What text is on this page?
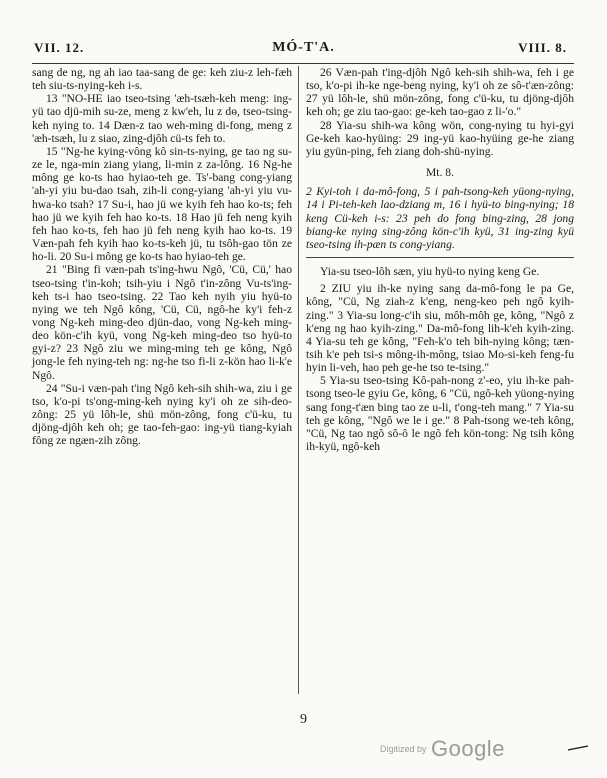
VII. 12.	MÓ-T'A.	VIII. 8.

sang de ng, ng ah iao taa-sang de ge: keh ziu-z leh-fæh teh siu-ts-nying-keh i-s.

13 "NO-HE iao tseo-tsing 'æh-tsæh-keh meng: ing-yü tao djü-mih su-ze, meng z kw'eh, lu z dө, tseo-tsing-keh nying to. 14 Dæn-z tao weh-ming di-fong, meng z 'æh-tsæh, lu z siao, zing-djôh cü-ts feh to.

15 "Ng-he kying-vông kô sin-ts-nying, ge tao ng su-ze le, nga-min ziang yiang, li-min z za-lông. 16 Ng-he mông ge ko-ts hao hyiao-teh ge. Ts'-bang cong-yiang 'ah-yi yiu bu-dao tsah, zih-li cong-yiang 'ah-yi yiu vu-hwa-ko tsah? 17 Su-i, hao jü we kyih feh hao ko-ts; feh hao jü we kyih feh hao ko-ts. 18 Hao jü feh neng kyih feh hao ko-ts, feh hao jü feh neng kyih hao ko-ts. 19 Væn-pah feh kyih hao ko-ts-keh jü, tu tsôh-gao tön ze ho-li. 20 Su-i mông ge ko-ts hao hyiao-teh ge.

21 "Bing fi væn-pah ts'ing-hwu Ngô, 'Cü, Cü,' hao tseo-tsing t'in-koh; tsih-yiu i Ngô t'in-zông Vu-ts'ing-keh ts-i hao tseo-tsing. 22 Tao keh nyih yiu hyü-to nying we teh Ngô kông, 'Cü, Cü, ngô-he ky'i feh-z vong Ng-keh ming-deo djün-dao, vong Ng-keh ming-deo kön-c'ih kyü, vong Ng-keh ming-deo tso hyü-to gyi-z? 23 Ngô ziu we ming-ming teh ge kông, Ngô jong-le feh nying-teh ng: ng-he tso fi-li z-kön hao li-k'e Ngô.

24 "Su-i væn-pah t'ing Ngô keh-sih shih-wa, ziu i ge tso, k'o-pi ts'ong-ming-keh nying ky'i oh ze sih-deo-zông: 25 yü lôh-le, shü mön-zông, fong c'ü-ku, tu djöng-djôh keh oh; ge tao-feh-gao: ing-yü tiang-kyiah fông ze ngæn-zih zông.

26 Væn-pah t'ing-djôh Ngô keh-sih shih-wa, feh i ge tso, k'o-pi ih-ke nge-beng nying, ky'i oh ze sô-t'æn-zông: 27 yü lôh-le, shü mön-zông, fong c'ü-ku, tu djöng-djôh keh oh; ge ziu tao-gao: ge-keh tao-gao z li-'o."

28 Yia-su shih-wa kông wön, cong-nying tu hyi-gyi Ge-keh kao-hyüing: 29 ing-yü kao-hyüing ge-he ziang yiu gyün-ping, feh ziang doh-shü-nying.

Mt. 8.

2 Kyi-toh i da-mô-fong, 5 i pah-tsong-keh yüong-nying, 14 i Pi-teh-keh lao-dziang m, 16 i hyü-to bing-nying; 18 keng Cü-keh i-s: 23 peh do fong bing-zing, 28 jong biang-ke nying sing-zông kön-c'ih kyü, 31 ing-zing kyü tseo-tsing ih-pæn ts cong-yiang.

Yia-su tseo-lôh sæn, yiu hyü-to nying keng Ge.

2 ZIU yiu ih-ke nying sang da-mô-fong le pa Ge, kông, "Cü, Ng ziah-z k'eng, neng-keo peh ngô kyih-zing." 3 Yia-su long-c'ih siu, môh-môh ge, kông, "Ngô z k'eng ng hao kyih-zing." Da-mô-fong lih-k'eh kyih-zing. 4 Yia-su teh ge kông, "Feh-k'o teh bih-nying kông; tæn-tsih k'e peh tsi-s mông-ih-mông, tsiao Mo-si-keh feng-fu hyin li-veh, hao peh ge-he tso te-tsing."

5 Yia-su tseo-tsing Kô-pah-nong z'-eo, yiu ih-ke pah-tsong tseo-le gyiu Ge, kông, 6 "Cü, ngô-keh yüong-nying sang fong-t'æn bing tao ze u-li, t'ong-teh mang." 7 Yia-su teh ge kông, "Ngô we le i ge." 8 Pah-tsong we-teh kông, "Cü, Ng tao ngô sô-ô le ngô feh kön-tong: Ng tsih kông ih-kyü, ngô-keh

9
Digitized by Google
